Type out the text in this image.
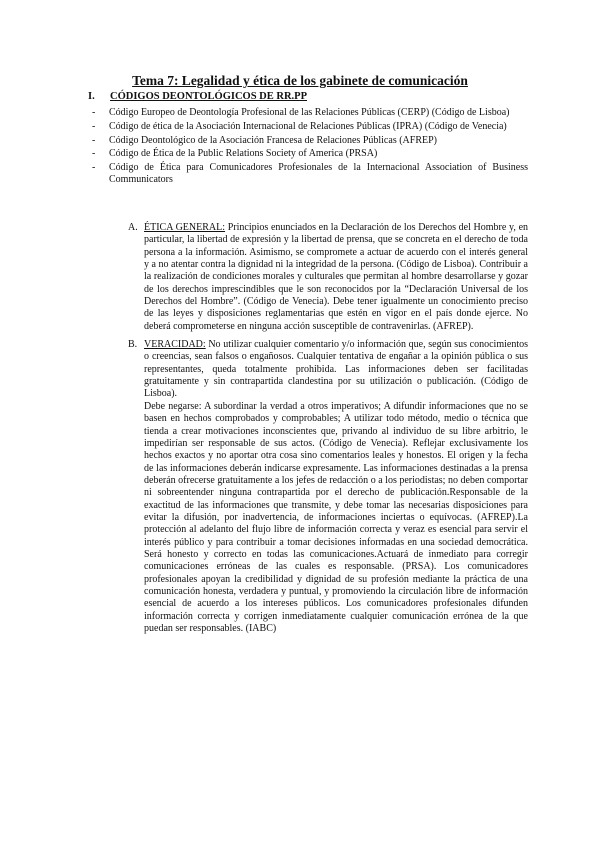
Tema 7: Legalidad y ética de los gabinete de comunicación
I. CÓDIGOS DEONTOLÓGICOS DE RR.PP
- Código Europeo de Deontología Profesional de las Relaciones Públicas (CERP) (Código de Lisboa)
- Código de ética de la Asociación Internacional de Relaciones Públicas (IPRA) (Código de Venecia)
- Código Deontológico de la Asociación Francesa de Relaciones Públicas (AFREP)
- Código de Ética de la Public Relations Society of America (PRSA)
- Código de Ética para Comunicadores Profesionales de la Internacional Association of Business Communicators
A. ÉTICA GENERAL: Principios enunciados en la Declaración de los Derechos del Hombre y, en particular, la libertad de expresión y la libertad de prensa, que se concreta en el derecho de toda persona a la información. Asimismo, se compromete a actuar de acuerdo con el interés general y a no atentar contra la dignidad ni la integridad de la persona. (Código de Lisboa). Contribuir a la realización de condiciones morales y culturales que permitan al hombre desarrollarse y gozar de los derechos imprescindibles que le son reconocidos por la “Declaración Universal de los Derechos del Hombre”. (Código de Venecia). Debe tener igualmente un conocimiento preciso de las leyes y disposiciones reglamentarias que estén en vigor en el país donde ejerce. No deberá comprometerse en ninguna acción susceptible de contravenirlas. (AFREP).

B. VERACIDAD: No utilizar cualquier comentario y/o información que, según sus conocimientos o creencias, sean falsos o engañosos. Cualquier tentativa de engañar a la opinión pública o sus representantes, queda totalmente prohibida. Las informaciones deben ser facilitadas gratuitamente y sin contrapartida clandestina por su utilización o publicación. (Código de Lisboa).

Debe negarse: A subordinar la verdad a otros imperativos; A difundir informaciones que no se basen en hechos comprobados y comprobables; A utilizar todo método, medio o técnica que tienda a crear motivaciones inconscientes que, privando al individuo de su libre arbitrio, le impedirían ser responsable de sus actos. (Código de Venecia). Reflejar exclusivamente los hechos exactos y no aportar otra cosa sino comentarios leales y honestos. El origen y la fecha de las informaciones deberán indicarse expresamente. Las informaciones destinadas a la prensa deberán ofrecerse gratuitamente a los jefes de redacción o a los periodistas; no deben comportar ni sobreentender ninguna contrapartida por el derecho de publicación.Responsable de la exactitud de las informaciones que transmite, y debe tomar las necesarias disposiciones para evitar la difusión, por inadvertencia, de informaciones inciertas o equívocas. (AFREP).La protección al adelanto del flujo libre de información correcta y veraz es esencial para servir el interés público y para contribuir a tomar decisiones informadas en una sociedad democrática. Será honesto y correcto en todas las comunicaciones.Actuará de inmediato para corregir comunicaciones erróneas de las cuales es responsable. (PRSA). Los comunicadores profesionales apoyan la credibilidad y dignidad de su profesión mediante la práctica de una comunicación honesta, verdadera y puntual, y promoviendo la circulación libre de información esencial de acuerdo a los intereses públicos. Los comunicadores profesionales difunden información correcta y corrigen inmediatamente cualquier comunicación errónea de la que puedan ser responsables. (IABC)
